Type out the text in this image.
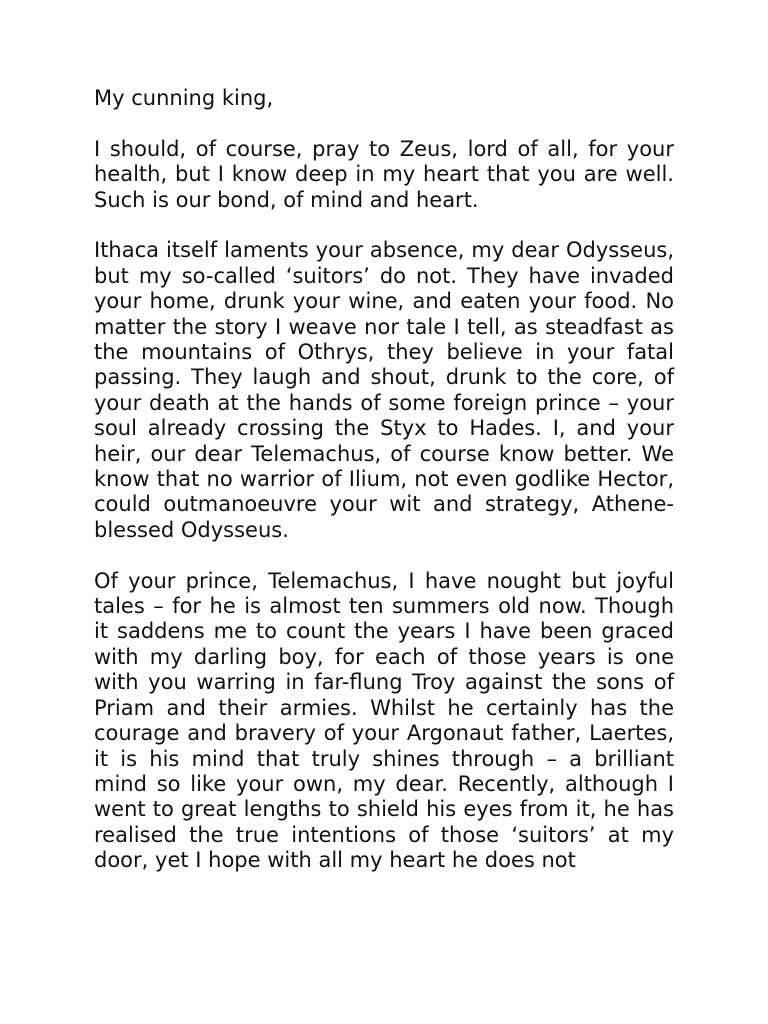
My cunning king,

I should, of course, pray to Zeus, lord of all, for your health, but I know deep in my heart that you are well. Such is our bond, of mind and heart.

Ithaca itself laments your absence, my dear Odysseus, but my so-called ‘suitors’ do not. They have invaded your home, drunk your wine, and eaten your food. No matter the story I weave nor tale I tell, as steadfast as the mountains of Othrys, they believe in your fatal passing. They laugh and shout, drunk to the core, of your death at the hands of some foreign prince – your soul already crossing the Styx to Hades. I, and your heir, our dear Telemachus, of course know better. We know that no warrior of Ilium, not even godlike Hector, could outmanoeuvre your wit and strategy, Athene-blessed Odysseus.

Of your prince, Telemachus, I have nought but joyful tales – for he is almost ten summers old now. Though it saddens me to count the years I have been graced with my darling boy, for each of those years is one with you warring in far-flung Troy against the sons of Priam and their armies. Whilst he certainly has the courage and bravery of your Argonaut father, Laertes, it is his mind that truly shines through – a brilliant mind so like your own, my dear. Recently, although I went to great lengths to shield his eyes from it, he has realised the true intentions of those ‘suitors’ at my door, yet I hope with all my heart he does not
